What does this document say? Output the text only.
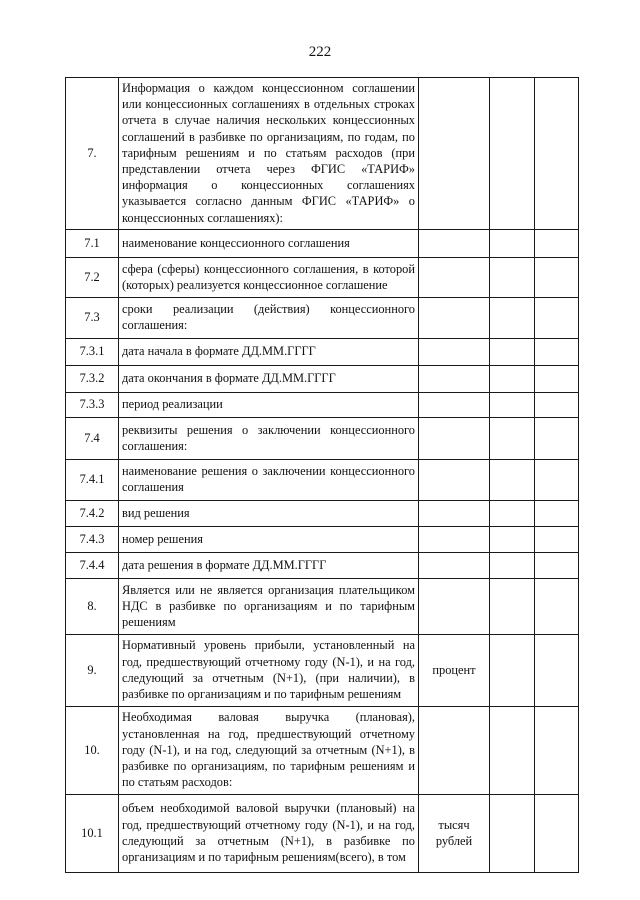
222
7.	Информация о каждом концессионном соглашении или концессионных соглашениях в отдельных строках отчета в случае наличия нескольких концессионных соглашений в разбивке по организациям, по годам, по тарифным решениям и по статьям расходов (при представлении отчета через ФГИС «ТАРИФ» информация о концессионных соглашениях указывается согласно данным ФГИС «ТАРИФ» о концессионных соглашениях):			
7.1	наименование концессионного соглашения			
7.2	сфера (сферы) концессионного соглашения, в которой (которых) реализуется концессионное соглашение			
7.3	сроки реализации (действия) концессионного соглашения:			
7.3.1	дата начала в формате ДД.ММ.ГГГГ			
7.3.2	дата окончания в формате ДД.ММ.ГГГГ			
7.3.3	период реализации			
7.4	реквизиты решения о заключении концессионного соглашения:			
7.4.1	наименование решения о заключении концессионного соглашения			
7.4.2	вид решения			
7.4.3	номер решения			
7.4.4	дата решения в формате ДД.ММ.ГГГГ			
8.	Является или не является организация плательщиком НДС в разбивке по организациям и по тарифным решениям			
9.	Нормативный уровень прибыли, установленный на год, предшествующий отчетному году (N-1), и на год, следующий за отчетным (N+1), (при наличии), в разбивке по организациям и по тарифным решениям	процент		
10.	Необходимая валовая выручка (плановая), установленная на год, предшествующий отчетному году (N-1), и на год, следующий за отчетным (N+1), в разбивке по организациям, по тарифным решениям и по статьям расходов:			
10.1	объем необходимой валовой выручки (плановый) на год, предшествующий отчетному году (N-1), и на год, следующий за отчетным (N+1), в разбивке по организациям и по тарифным решениям(всего), в том	тысяч рублей		
